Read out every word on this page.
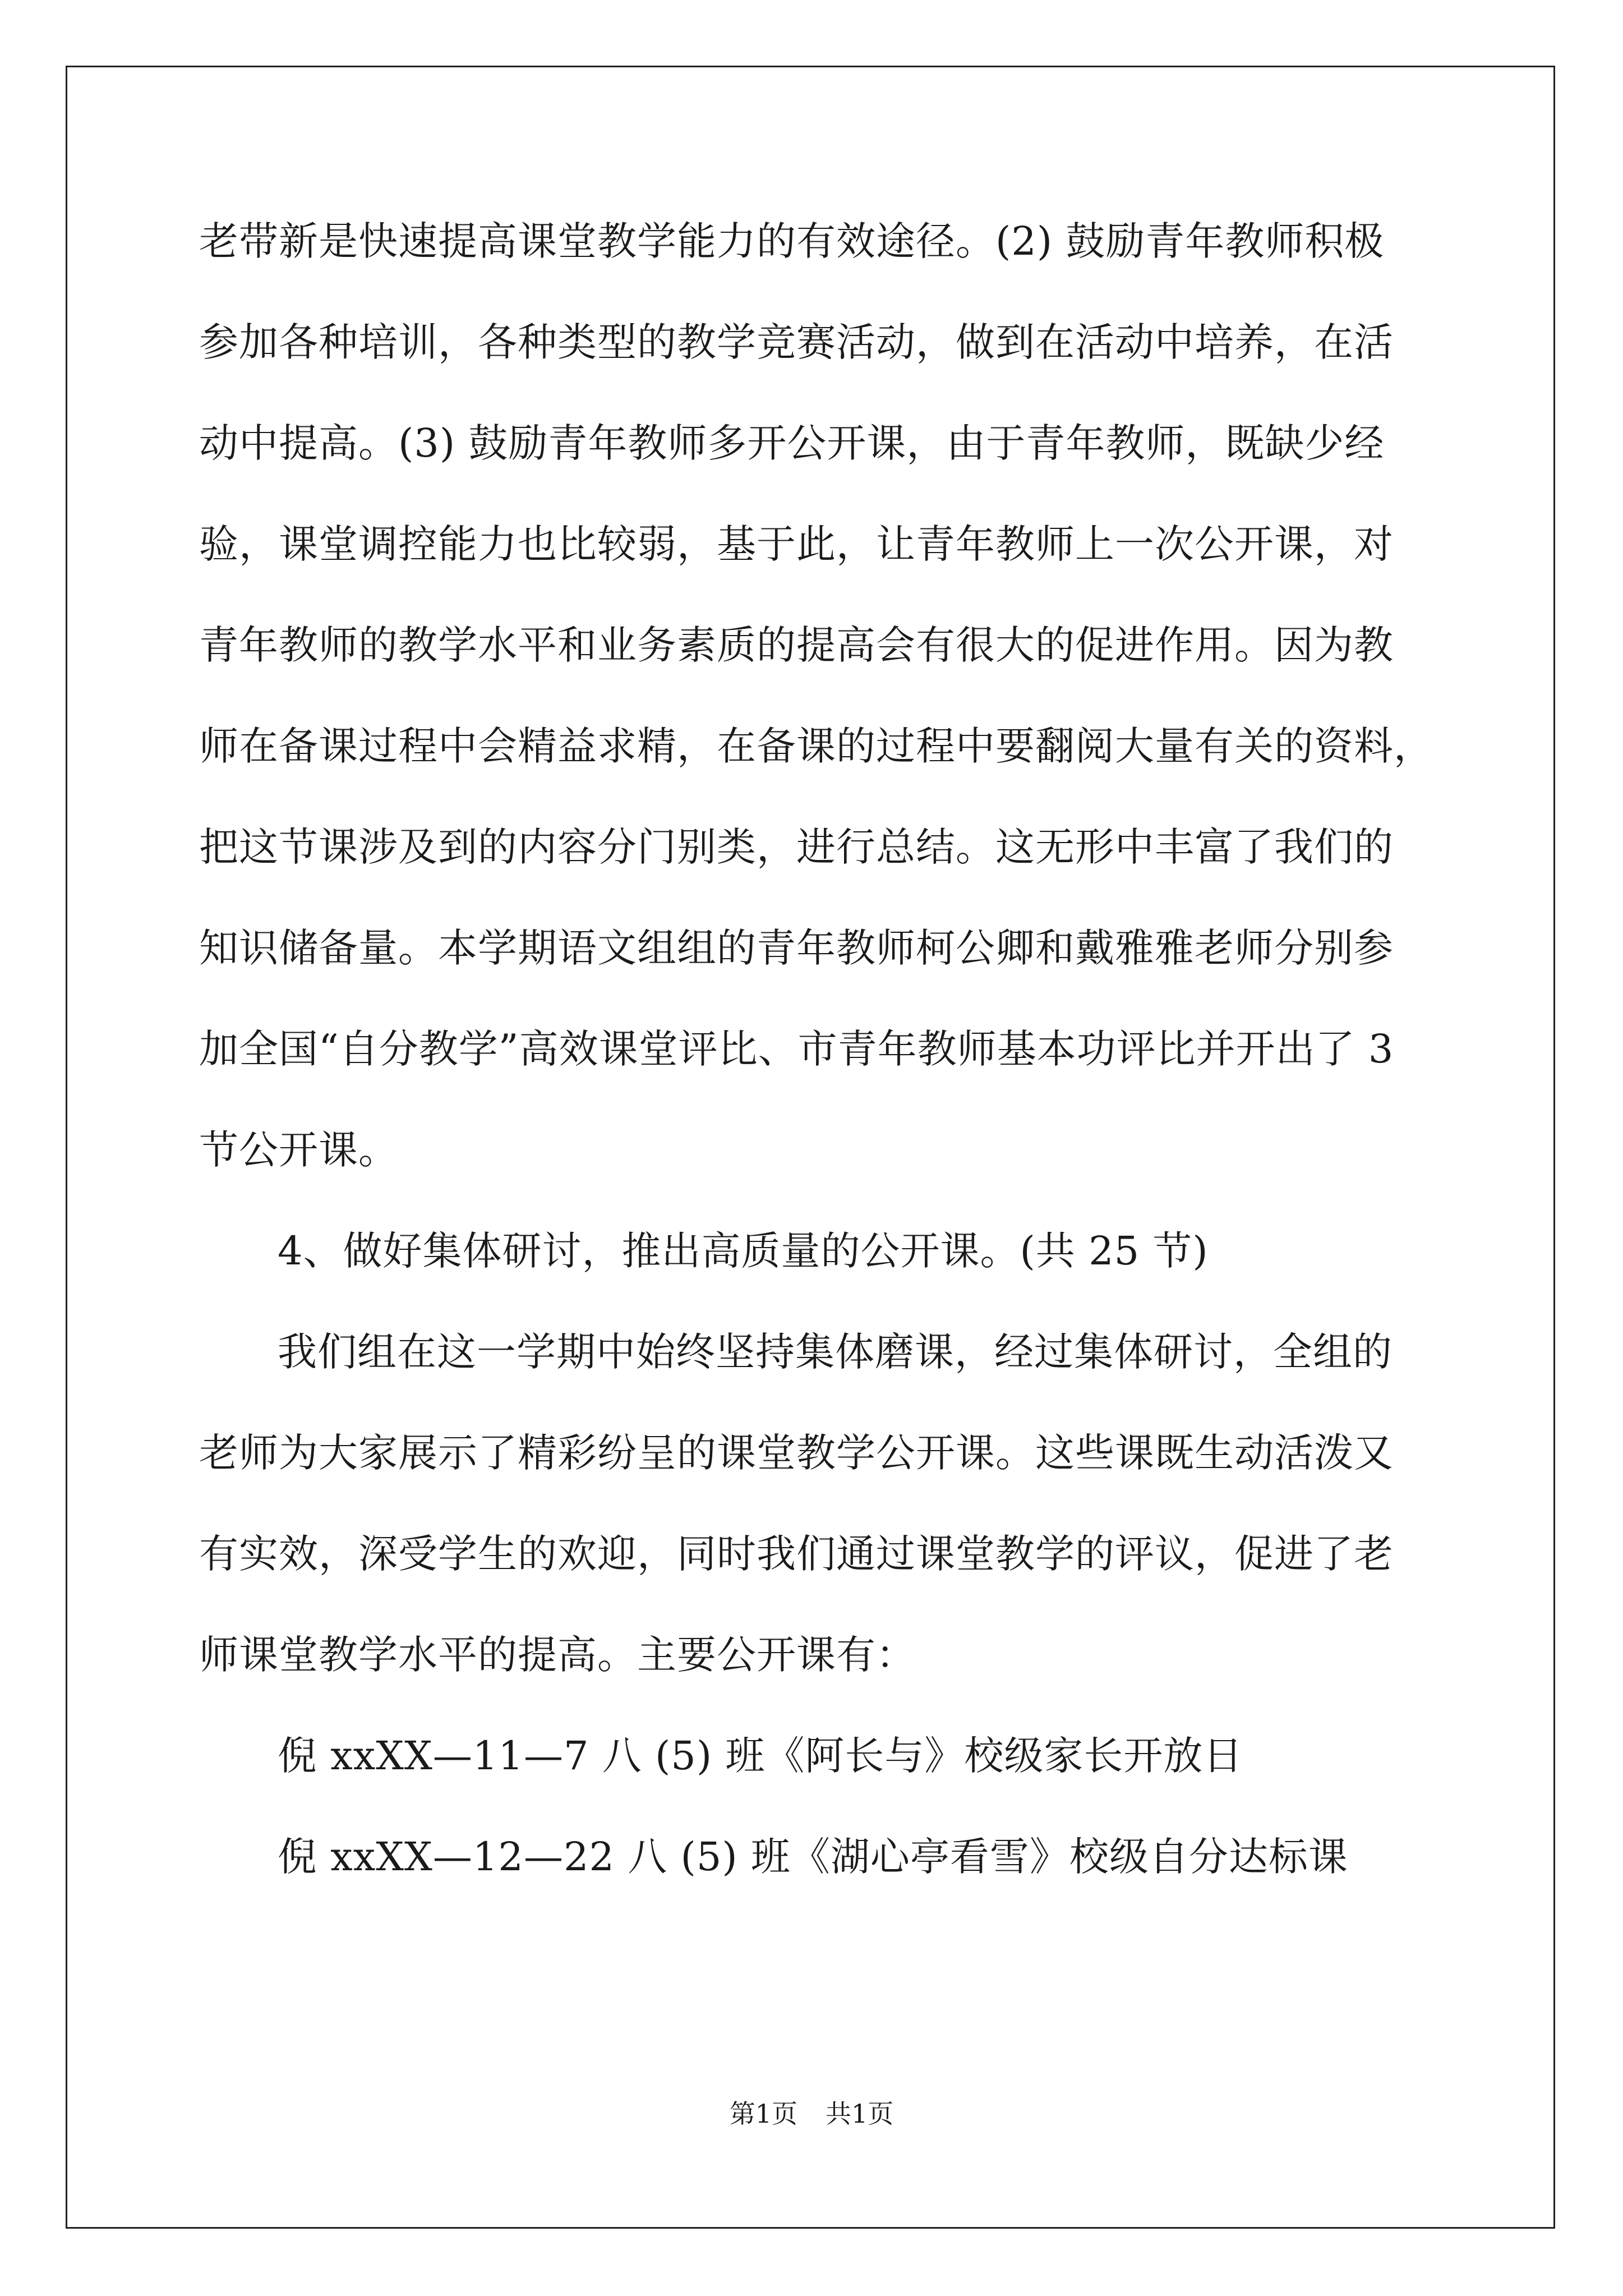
老带新是快速提高课堂教学能力的有效途径。(2) 鼓励青年教师积极
参加各种培训，各种类型的教学竞赛活动，做到在活动中培养，在活
动中提高。(3) 鼓励青年教师多开公开课，由于青年教师，既缺少经
验，课堂调控能力也比较弱，基于此，让青年教师上一次公开课，对
青年教师的教学水平和业务素质的提高会有很大的促进作用。因为教
师在备课过程中会精益求精，在备课的过程中要翻阅大量有关的资料，
把这节课涉及到的内容分门别类，进行总结。这无形中丰富了我们的
知识储备量。本学期语文组组的青年教师柯公卿和戴雅雅老师分别参
加全国“自分教学”高效课堂评比、市青年教师基本功评比并开出了 3
节公开课。
4、做好集体研讨，推出高质量的公开课。(共 25 节)
我们组在这一学期中始终坚持集体磨课，经过集体研讨，全组的
老师为大家展示了精彩纷呈的课堂教学公开课。这些课既生动活泼又
有实效，深受学生的欢迎，同时我们通过课堂教学的评议，促进了老
师课堂教学水平的提高。主要公开课有：
倪 xxXX—11—7 八 (5) 班《阿长与》校级家长开放日
倪 xxXX—12—22 八 (5) 班《湖心亭看雪》校级自分达标课
第1页 共1页
